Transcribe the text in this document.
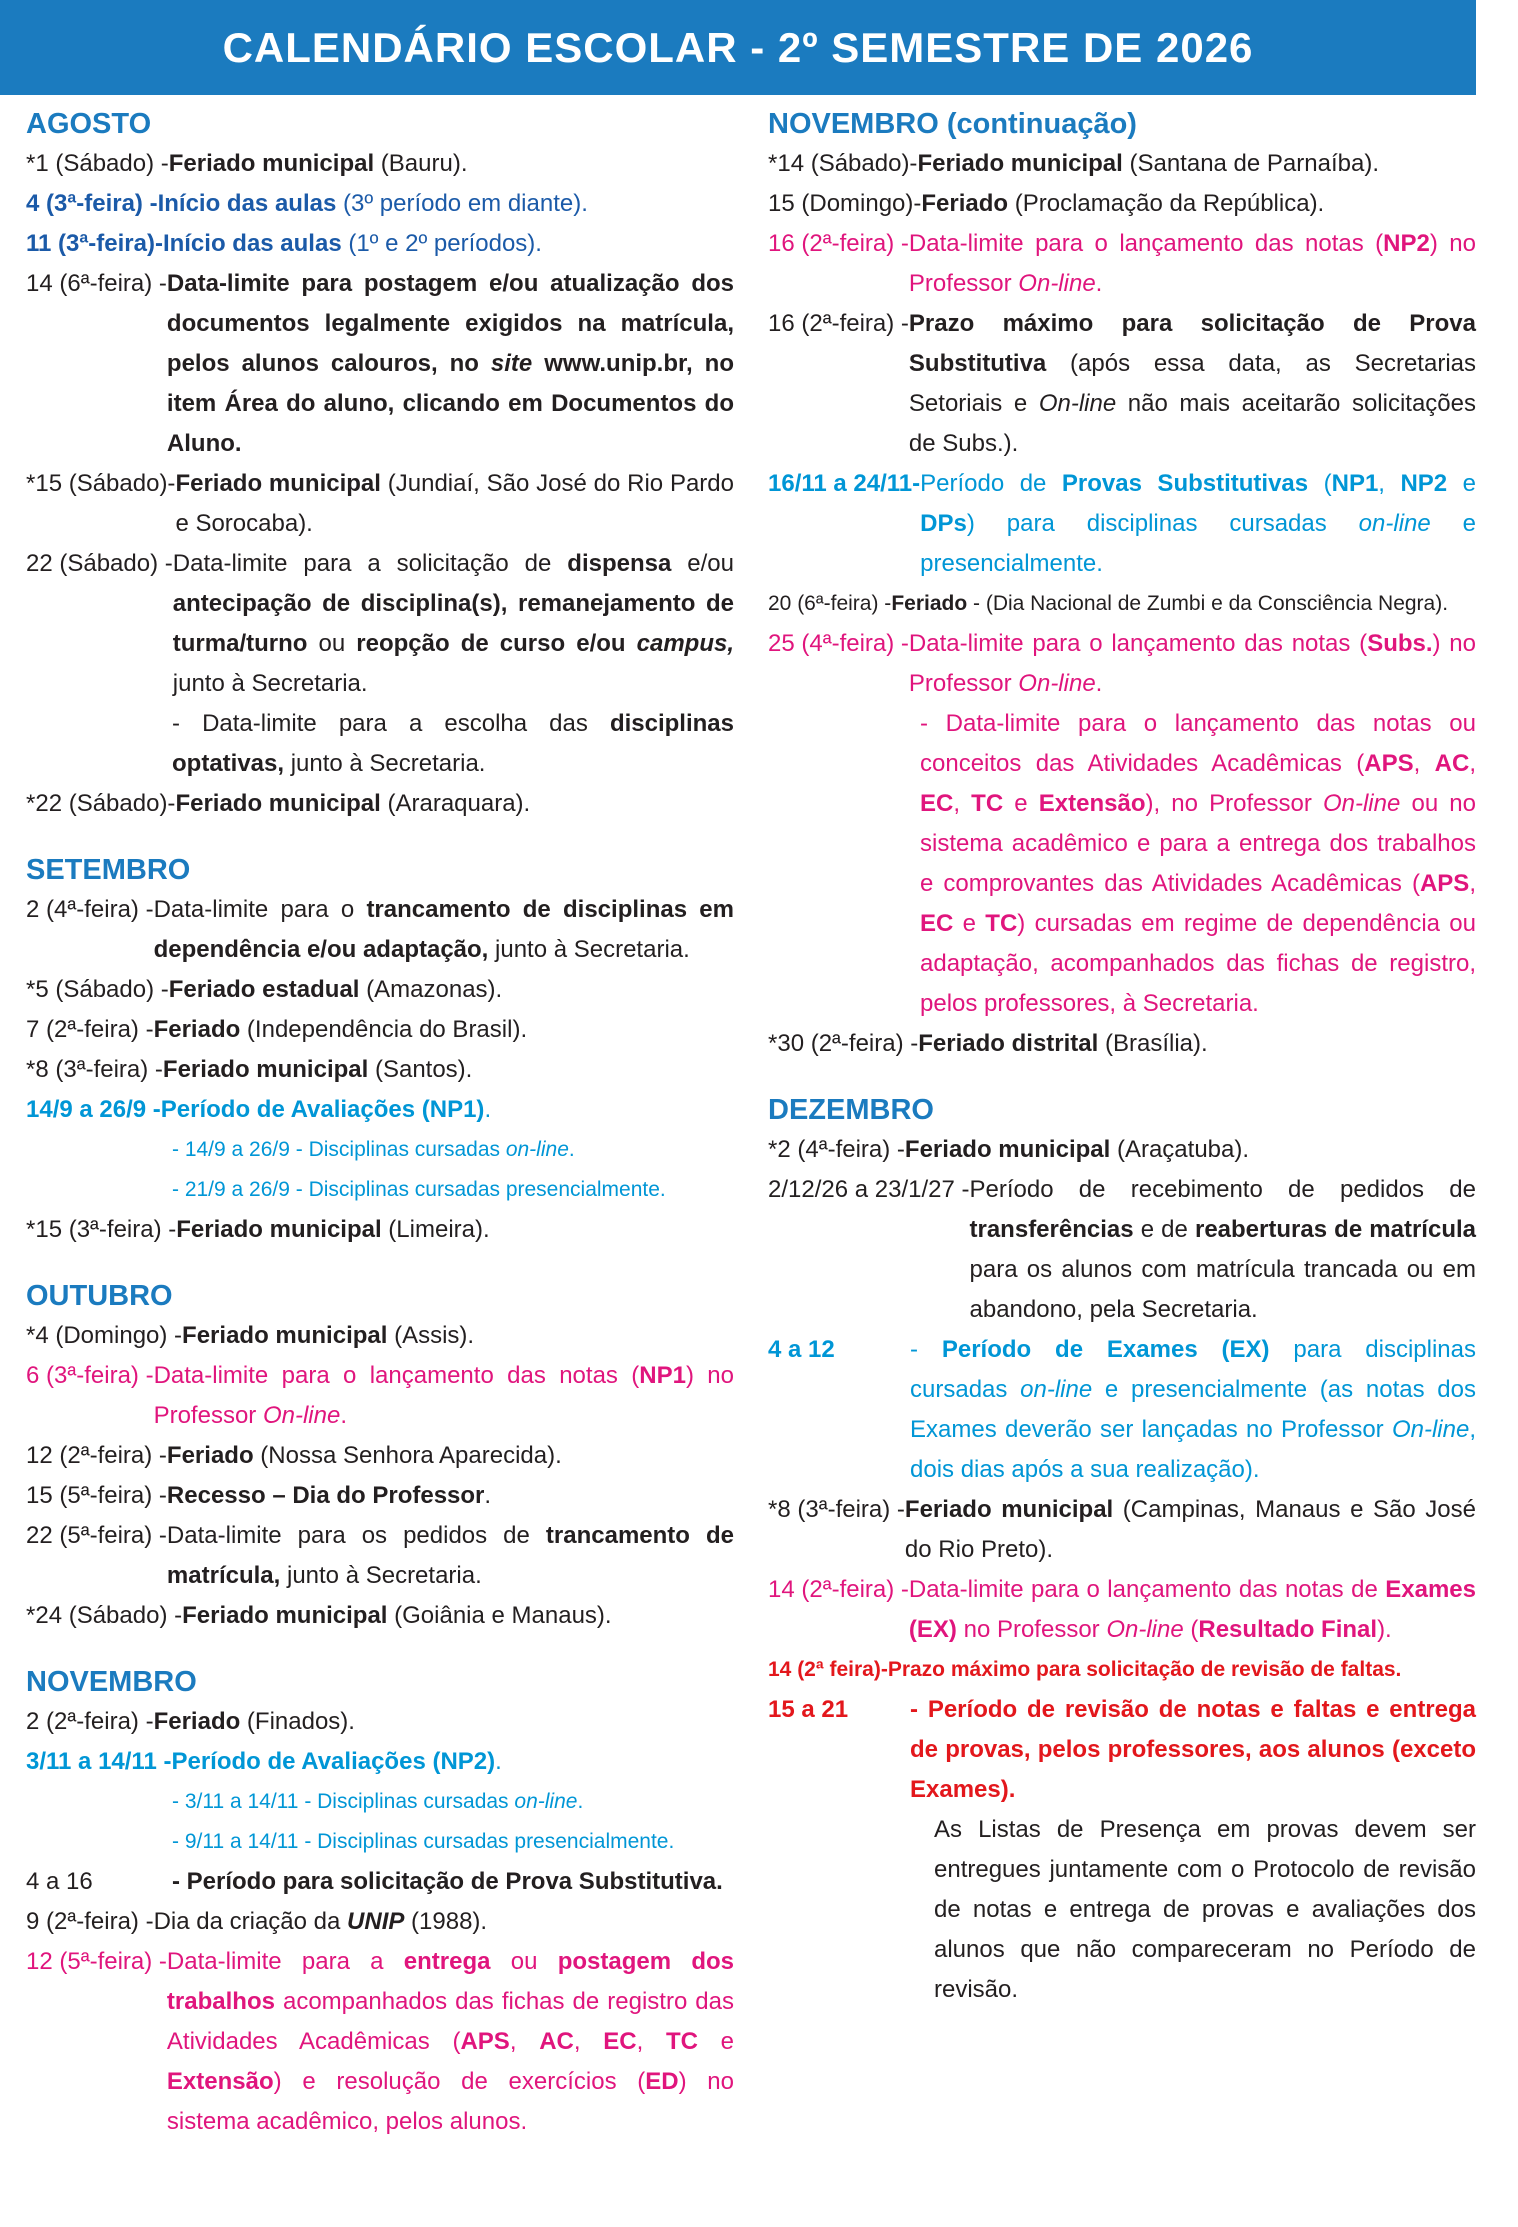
CALENDÁRIO ESCOLAR - 2º SEMESTRE DE 2026
AGOSTO
*1 (Sábado) - Feriado municipal (Bauru).
4 (3ª-feira) - Início das aulas (3º período em diante).
11 (3ª-feira)- Início das aulas (1º e 2º períodos).
14 (6ª-feira) - Data-limite para postagem e/ou atualização dos documentos legalmente exigidos na matrícula, pelos alunos calouros, no site www.unip.br, no item Área do aluno, clicando em Documentos do Aluno.
*15 (Sábado)- Feriado municipal (Jundiaí, São José do Rio Pardo e Sorocaba).
22 (Sábado) - Data-limite para a solicitação de dispensa e/ou antecipação de disciplina(s), remanejamento de turma/turno ou reopção de curso e/ou campus, junto à Secretaria.
- Data-limite para a escolha das disciplinas optativas, junto à Secretaria.
*22 (Sábado)- Feriado municipal (Araraquara).
SETEMBRO
2 (4ª-feira) - Data-limite para o trancamento de disciplinas em dependência e/ou adaptação, junto à Secretaria.
*5 (Sábado) - Feriado estadual (Amazonas).
7 (2ª-feira) - Feriado (Independência do Brasil).
*8 (3ª-feira) - Feriado municipal (Santos).
14/9 a 26/9 - Período de Avaliações (NP1).
- 14/9 a 26/9 - Disciplinas cursadas on-line.
- 21/9 a 26/9 - Disciplinas cursadas presencialmente.
*15 (3ª-feira) - Feriado municipal (Limeira).
OUTUBRO
*4 (Domingo) - Feriado municipal (Assis).
6 (3ª-feira) - Data-limite para o lançamento das notas (NP1) no Professor On-line.
12 (2ª-feira) - Feriado (Nossa Senhora Aparecida).
15 (5ª-feira) - Recesso – Dia do Professor.
22 (5ª-feira) - Data-limite para os pedidos de trancamento de matrícula, junto à Secretaria.
*24 (Sábado) - Feriado municipal (Goiânia e Manaus).
NOVEMBRO
2 (2ª-feira) - Feriado (Finados).
3/11 a 14/11 - Período de Avaliações (NP2).
- 3/11 a 14/11 - Disciplinas cursadas on-line.
- 9/11 a 14/11 - Disciplinas cursadas presencialmente.
4 a 16	- Período para solicitação de Prova Substitutiva.
9 (2ª-feira) - Dia da criação da UNIP (1988).
12 (5ª-feira) - Data-limite para a entrega ou postagem dos trabalhos acompanhados das fichas de registro das Atividades Acadêmicas (APS, AC, EC, TC e Extensão) e resolução de exercícios (ED) no sistema acadêmico, pelos alunos.
NOVEMBRO (continuação)
*14 (Sábado)- Feriado municipal (Santana de Parnaíba).
15 (Domingo)- Feriado (Proclamação da República).
16 (2ª-feira) - Data-limite para o lançamento das notas (NP2) no Professor On-line.
16 (2ª-feira) - Prazo máximo para solicitação de Prova Substitutiva (após essa data, as Secretarias Setoriais e On-line não mais aceitarão solicitações de Subs.).
16/11 a 24/11- Período de Provas Substitutivas (NP1, NP2 e DPs) para disciplinas cursadas on-line e presencialmente.
20 (6ª-feira) - Feriado - (Dia Nacional de Zumbi e da Consciência Negra).
25 (4ª-feira) - Data-limite para o lançamento das notas (Subs.) no Professor On-line.
- Data-limite para o lançamento das notas ou conceitos das Atividades Acadêmicas (APS, AC, EC, TC e Extensão), no Professor On-line ou no sistema acadêmico e para a entrega dos trabalhos e comprovantes das Atividades Acadêmicas (APS, EC e TC) cursadas em regime de dependência ou adaptação, acompanhados das fichas de registro, pelos professores, à Secretaria.
*30 (2ª-feira) - Feriado distrital (Brasília).
DEZEMBRO
*2 (4ª-feira) - Feriado municipal (Araçatuba).
2/12/26 a 23/1/27 - Período de recebimento de pedidos de transferências e de reaberturas de matrícula para os alunos com matrícula trancada ou em abandono, pela Secretaria.
4 a 12	- Período de Exames (EX) para disciplinas cursadas on-line e presencialmente (as notas dos Exames deverão ser lançadas no Professor On-line, dois dias após a sua realização).
*8 (3ª-feira) - Feriado municipal (Campinas, Manaus e São José do Rio Preto).
14 (2ª-feira) - Data-limite para o lançamento das notas de Exames (EX) no Professor On-line (Resultado Final).
14 (2ª feira)- Prazo máximo para solicitação de revisão de faltas.
15 a 21	- Período de revisão de notas e faltas e entrega de provas, pelos professores, aos alunos (exceto Exames).
As Listas de Presença em provas devem ser entregues juntamente com o Protocolo de revisão de notas e entrega de provas e avaliações dos alunos que não compareceram no Período de revisão.
